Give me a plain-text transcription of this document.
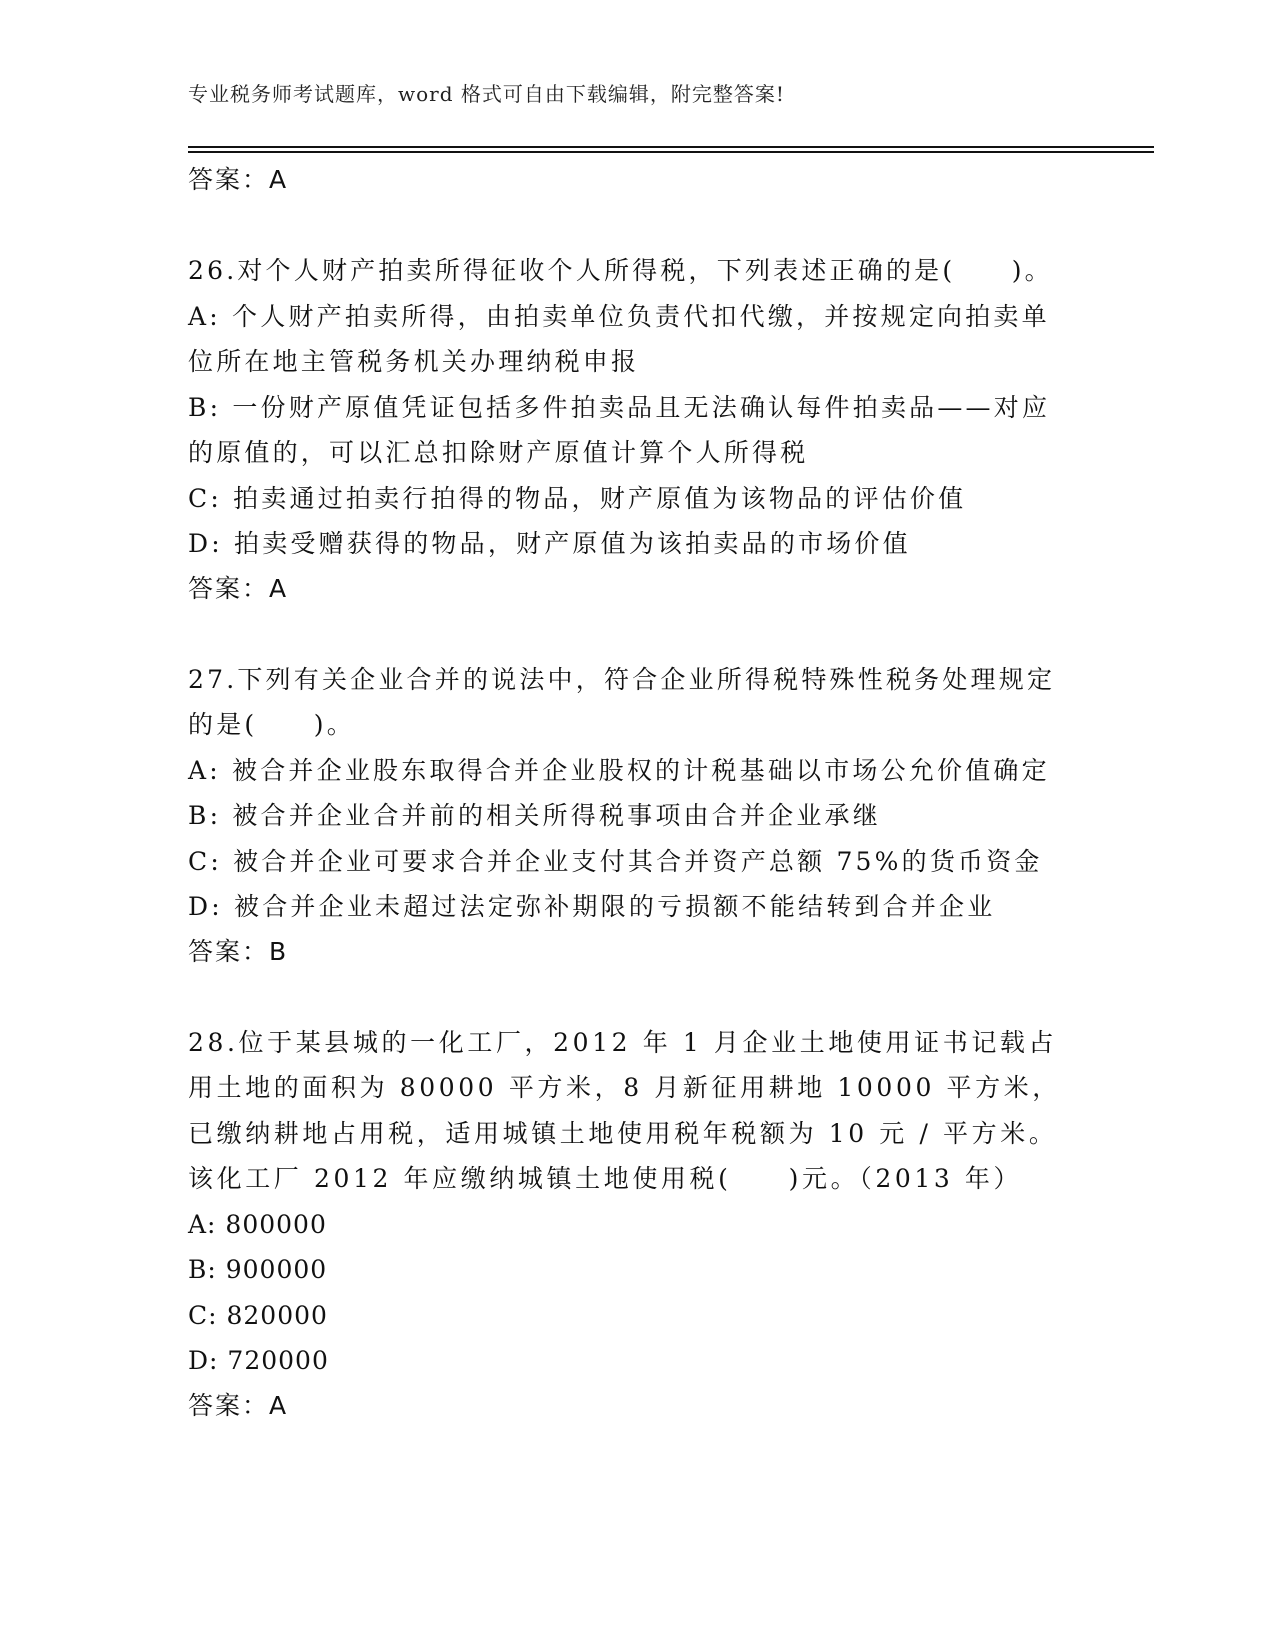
专业税务师考试题库，word 格式可自由下载编辑，附完整答案!
答案：A
26.对个人财产拍卖所得征收个人所得税，下列表述正确的是(　　)。
A: 个人财产拍卖所得，由拍卖单位负责代扣代缴，并按规定向拍卖单位所在地主管税务机关办理纳税申报
B: 一份财产原值凭证包括多件拍卖品且无法确认每件拍卖品——对应的原值的，可以汇总扣除财产原值计算个人所得税
C: 拍卖通过拍卖行拍得的物品，财产原值为该物品的评估价值
D: 拍卖受赠获得的物品，财产原值为该拍卖品的市场价值
答案：A
27.下列有关企业合并的说法中，符合企业所得税特殊性税务处理规定的是(　　)。
A: 被合并企业股东取得合并企业股权的计税基础以市场公允价值确定
B: 被合并企业合并前的相关所得税事项由合并企业承继
C: 被合并企业可要求合并企业支付其合并资产总额 75%的货币资金
D: 被合并企业未超过法定弥补期限的亏损额不能结转到合并企业
答案：B
28.位于某县城的一化工厂，2012 年 1 月企业土地使用证书记载占用土地的面积为 80000 平方米，8 月新征用耕地 10000 平方米，已缴纳耕地占用税，适用城镇土地使用税年税额为 10 元 / 平方米。该化工厂 2012 年应缴纳城镇土地使用税(　　)元。（2013 年）
A: 800000
B: 900000
C: 820000
D: 720000
答案：A
